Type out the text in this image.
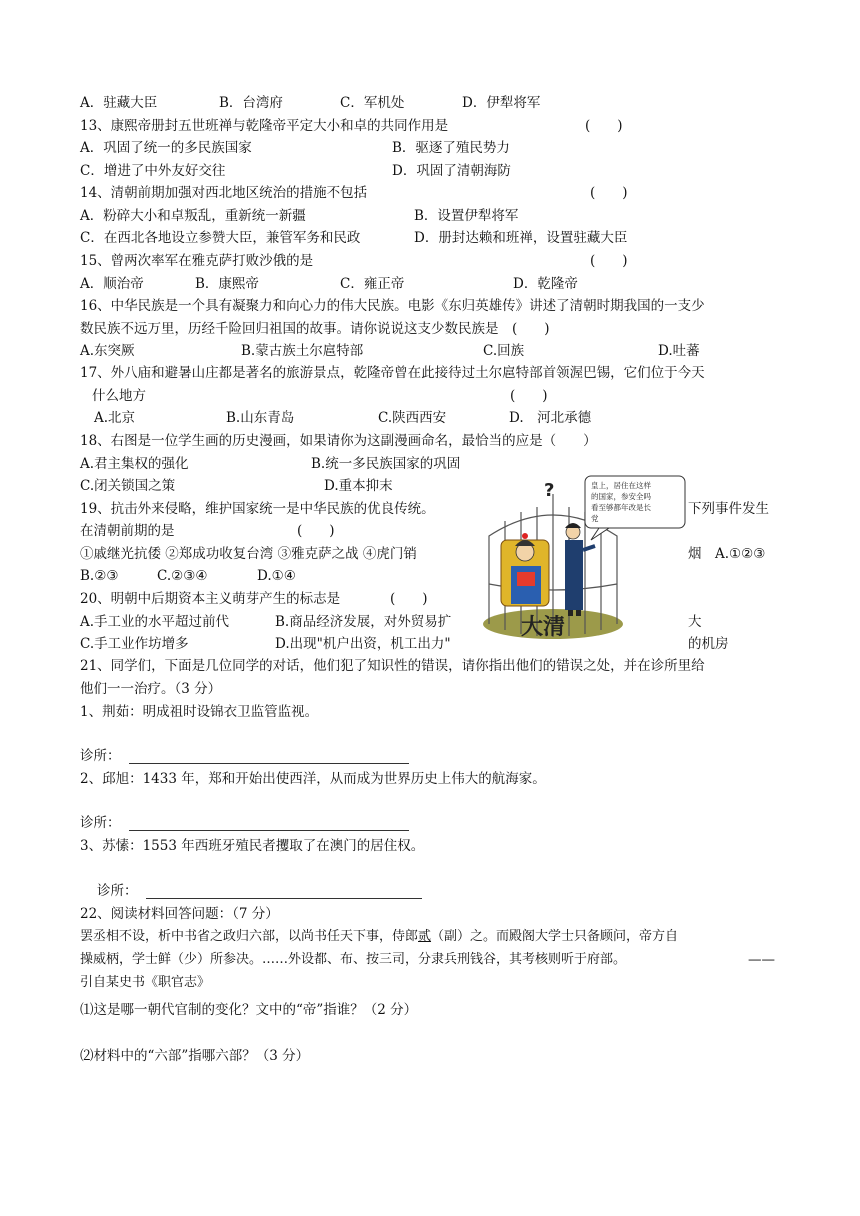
A．驻藏大臣	B．台湾府	C．军机处	D．伊犁将军
13、康熙帝册封五世班禅与乾隆帝平定大小和卓的共同作用是	(　　)
A．巩固了统一的多民族国家	B．驱逐了殖民势力
C．增进了中外友好交往	D．巩固了清朝海防
14、清朝前期加强对西北地区统治的措施不包括	(　　)
A．粉碎大小和卓叛乱，重新统一新疆	B．设置伊犁将军
C．在西北各地设立参赞大臣，兼管军务和民政	D．册封达赖和班禅，设置驻藏大臣
15、曾两次率军在雅克萨打败沙俄的是	(　　)
A．顺治帝	B．康熙帝	C．雍正帝	D．乾隆帝
16、中华民族是一个具有凝聚力和向心力的伟大民族。电影《东归英雄传》讲述了清朝时期我国的一支少
数民族不远万里，历经千险回归祖国的故事。请你说说这支少数民族是　(　　)
A.东突厥	B.蒙古族土尔扈特部	C.回族	D.吐蕃
17、外八庙和避暑山庄都是著名的旅游景点，乾隆帝曾在此接待过土尔扈特部首领渥巴锡，它们位于今天
什么地方	(　　)
A.北京	B.山东青岛	C.陕西西安	D.　河北承德
18、右图是一位学生画的历史漫画，如果请你为这副漫画命名，最恰当的应是（　　）
A.君主集权的强化	B.统一多民族国家的巩固
C.闭关锁国之策	D.重本抑末
19、抗击外来侵略，维护国家统一是中华民族的优良传统。	下列事件发生
在清朝前期的是	(　　)
①戚继光抗倭 ②郑成功收复台湾 ③雅克萨之战 ④虎门销	烟　A.①②③
B.②③	C.②③④	D.①④
20、明朝中后期资本主义萌芽产生的标志是	(　　)
A.手工业的水平超过前代	B.商品经济发展，对外贸易扩	大
C.手工业作坊增多	D.出现"机户出资，机工出力"	的机房
?	皇上，居住在这样 的国家，参安全吗 看至够都年改是长 党
大清
21、同学们，下面是几位同学的对话，他们犯了知识性的错误，请你指出他们的错误之处，并在诊所里给
他们一一治疗。（3 分）
1、荆茹：明成祖时设锦衣卫监管监视。
诊所：
2、邱旭：1433 年，郑和开始出使西洋，从而成为世界历史上伟大的航海家。
诊所：
3、苏愫：1553 年西班牙殖民者攫取了在澳门的居住权。
诊所：
22、阅读材料回答问题：（7 分）
罢丞相不设，析中书省之政归六部，以尚书任天下事，侍郎贰（副）之。而殿阁大学士只备顾问，帝方自
操威柄，学士鲜（少）所参决。……外设都、布、按三司，分隶兵刑钱谷，其考核则听于府部。	——
引自某史书《职官志》
⑴这是哪一朝代官制的变化？文中的“帝”指谁？（2 分）
⑵材料中的“六部”指哪六部？（3 分）
